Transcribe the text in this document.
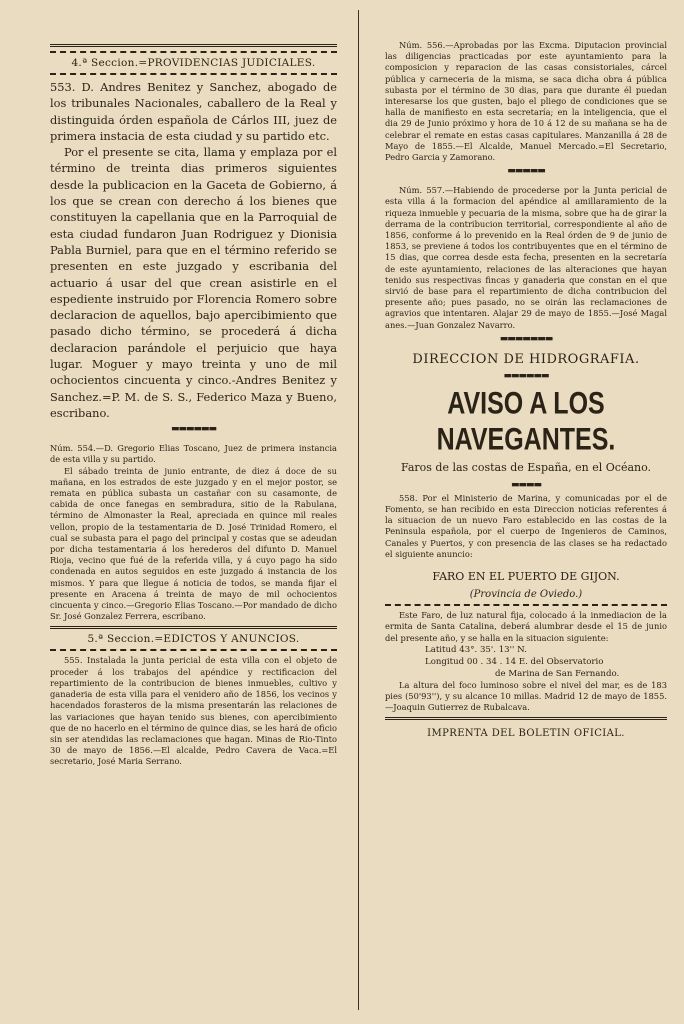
4.ª Seccion.=PROVIDENCIAS JUDICIALES.

553. D. Andres Benitez y Sanchez, abogado de los tribunales Nacionales, caballero de la Real y distinguida órden española de Cárlos III, juez de primera instacia de esta ciudad y su partido etc.

Por el presente se cita, llama y emplaza por el término de treinta dias primeros siguientes desde la publicacion en la Gaceta de Gobierno, á los que se crean con derecho á los bienes que constituyen la capellania que en la Parroquial de esta ciudad fundaron Juan Rodriguez y Dionisia Pabla Burniel, para que en el término referido se presenten en este juzgado y escribania del actuario á usar del que crean asistirle en el espediente instruido por Florencia Romero sobre declaracion de aquellos, bajo apercibimiento que pasado dicho término, se procederá á dicha declaracion parándole el perjuicio que haya lugar. Moguer y mayo treinta y uno de mil ochocientos cincuenta y cinco.-Andres Benitez y Sanchez.=P. M. de S. S., Federico Maza y Bueno, escribano.

▬▬▬▬▬▬

Núm. 554.—D. Gregorio Elias Toscano, Juez de primera instancia de esta villa y su partido.

El sábado treinta de junio entrante, de diez á doce de su mañana, en los estrados de este juzgado y en el mejor postor, se remata en pública subasta un castañar con su casamonte, de cabida de once fanegas en sembradura, sitio de la Rabulana, término de Almonaster la Real, apreciada en quince mil reales vellon, propio de la testamentaria de D. José Trinidad Romero, el cual se subasta para el pago del principal y costas que se adeudan por dicha testamentaria á los herederos del difunto D. Manuel Rioja, vecino que fué de la referida villa, y á cuyo pago ha sido condenada en autos seguidos en este juzgado á instancia de los mismos. Y para que llegue á noticia de todos, se manda fijar el presente en Aracena á treinta de mayo de mil ochocientos cincuenta y cinco.—Gregorio Elias Toscano.—Por mandado de dicho Sr. José Gonzalez Ferrera, escribano.

5.ª Seccion.=EDICTOS Y ANUNCIOS.

555. Instalada la junta pericial de esta villa con el objeto de proceder á los trabajos del apéndice y rectificacion del repartimiento de la contribucion de bienes inmuebles, cultivo y ganaderia de esta villa para el venidero año de 1856, los vecinos y hacendados forasteros de la misma presentarán las relaciones de las variaciones que hayan tenido sus bienes, con apercibimiento que de no hacerlo en el término de quince dias, se les hará de oficio sin ser atendidas las reclamaciones que hagan. Minas de Rio-Tinto 30 de mayo de 1856.—El alcalde, Pedro Cavera de Vaca.=El secretario, José Maria Serrano.

Núm. 556.—Aprobadas por las Excma. Diputacion provincial las diligencias practicadas por este ayuntamiento para la composicion y reparacion de las casas consistoriales, cárcel pública y carneceria de la misma, se saca dicha obra á pública subasta por el término de 30 dias, para que durante él puedan interesarse los que gusten, bajo el pliego de condiciones que se halla de manifiesto en esta secretaría; en la inteligencia, que el dia 29 de Junio próximo y hora de 10 á 12 de su mañana se ha de celebrar el remate en estas casas capitulares. Manzanilla á 28 de Mayo de 1855.—El Alcalde, Manuel Mercado.=El Secretario, Pedro Garcia y Zamorano.

▬▬▬▬▬

Núm. 557.—Habiendo de procederse por la Junta pericial de esta villa á la formacion del apéndice al amillaramiento de la riqueza inmueble y pecuaria de la misma, sobre que ha de girar la derrama de la contribucion territorial, correspondiente al año de 1856, conforme á lo prevenido en la Real órden de 9 de junio de 1853, se previene á todos los contribuyentes que en el término de 15 dias, que correa desde esta fecha, presenten en la secretaría de este ayuntamiento, relaciones de las alteraciones que hayan tenido sus respectivas fincas y ganaderia que constan en el que sirvió de base para el repartimiento de dicha contribucion del presente año; pues pasado, no se oirán las reclamaciones de agravios que intentaren. Alajar 29 de mayo de 1855.—José Magal anes.—Juan Gonzalez Navarro.

▬▬▬▬▬▬▬
DIRECCION DE HIDROGRAFIA.
▬▬▬▬▬▬
AVISO A LOS NAVEGANTES.
Faros de las costas de España, en el Océano.
▬▬▬▬

558. Por el Ministerio de Marina, y comunicadas por el de Fomento, se han recibido en esta Direccion noticias referentes á la situacion de un nuevo Faro establecido en las costas de la Peninsula española, por el cuerpo de Ingenieros de Caminos, Canales y Puertos, y con presencia de las clases se ha redactado el siguiente anuncio:

FARO EN EL PUERTO DE GIJON.
(Provincia de Oviedo.)

Este Faro, de luz natural fija, colocado á la inmediacion de la ermita de Santa Catalina, deberá alumbrar desde el 15 de junio del presente año, y se halla en la situacion siguiente:

Latitud 43°. 35'. 13'' N.
Longitud 00 . 34 . 14 E. del Observatorio
de Marina de San Fernando.

La altura del foco luminoso sobre el nivel del mar, es de 183 pies (50'93''), y su alcance 10 millas. Madrid 12 de mayo de 1855.—Joaquin Gutierrez de Rubalcava.

IMPRENTA DEL BOLETIN OFICIAL.
